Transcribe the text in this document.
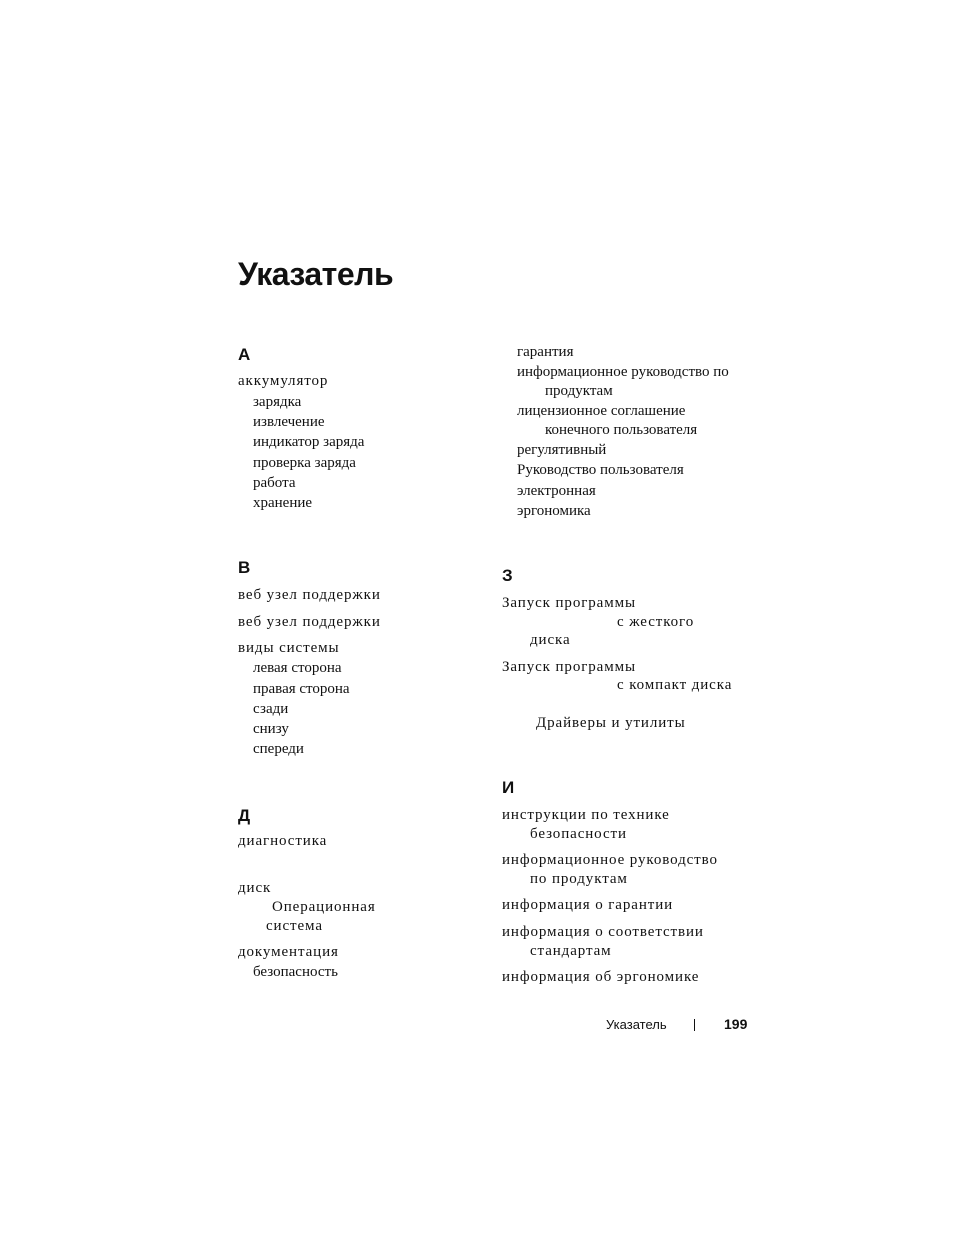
Указатель
А
аккумулятор
зарядка
извлечение
индикатор заряда
проверка заряда
работа
хранение
В
веб узел поддержки
веб узел поддержки
виды системы
левая сторона
правая сторона
сзади
снизу
спереди
Д
диагностика
диск
Операционная
система
документация
безопасность
гарантия
информационное руководство по
продуктам
лицензионное соглашение
конечного пользователя
регулятивный
Руководство пользователя
электронная
эргономика
З
Запуск программы
с жесткого
диска
Запуск программы
с компакт диска
Драйверы и утилиты
И
инструкции по технике
безопасности
информационное руководство
по продуктам
информация о гарантии
информация о соответствии
стандартам
информация об эргономике
Указатель	199
